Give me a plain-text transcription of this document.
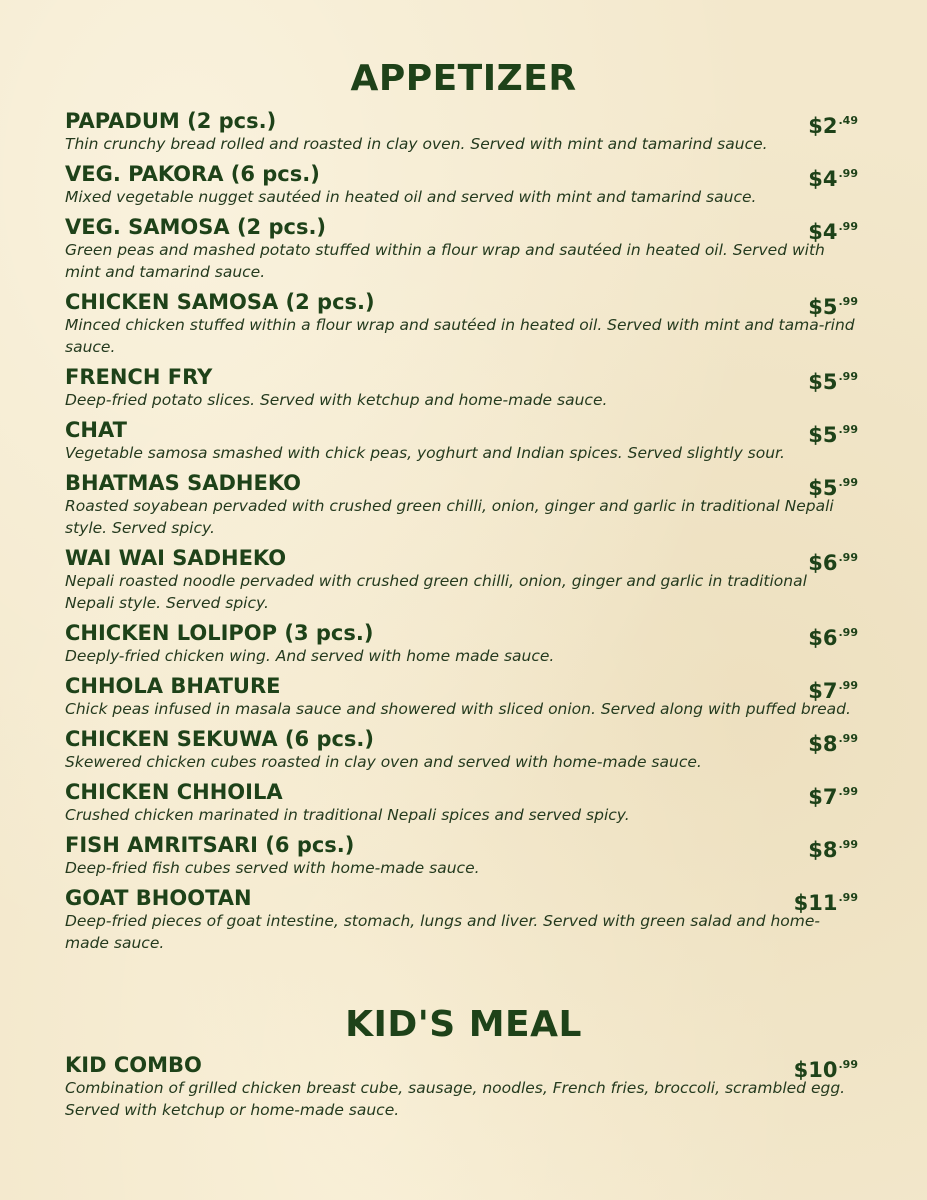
APPETIZER
PAPADUM (2 pcs.)	$\$2^{.49}$
Thin crunchy bread rolled and roasted in clay oven. Served with mint and tamarind sauce.
VEG. PAKORA (6 pcs.)	$\$4^{.99}$
Mixed vegetable nugget sautéed in heated oil and served with mint and tamarind sauce.
VEG. SAMOSA (2 pcs.)	$\$4^{.99}$
Green peas and mashed potato stuffed within a flour wrap and sautéed in heated oil. Served with mint and tamarind sauce.
CHICKEN SAMOSA (2 pcs.)	$\$5^{.99}$
Minced chicken stuffed within a flour wrap and sautéed in heated oil. Served with mint and tama-rind sauce.
FRENCH FRY	$\$5^{.99}$
Deep-fried potato slices. Served with ketchup and home-made sauce.
CHAT	$\$5^{.99}$
Vegetable samosa smashed with chick peas, yoghurt and Indian spices. Served slightly sour.
BHATMAS SADHEKO	$\$5^{.99}$
Roasted soyabean pervaded with crushed green chilli, onion, ginger and garlic in traditional Nepali style. Served spicy.
WAI WAI SADHEKO	$\$6^{.99}$
Nepali roasted noodle pervaded with crushed green chilli, onion, ginger and garlic in traditional Nepali style. Served spicy.
CHICKEN LOLIPOP (3 pcs.)	$\$6^{.99}$
Deeply-fried chicken wing. And served with home made sauce.
CHHOLA BHATURE	$\$7^{.99}$
Chick peas infused in masala sauce and showered with sliced onion. Served along with puffed bread.
CHICKEN SEKUWA (6 pcs.)	$\$8^{.99}$
Skewered chicken cubes roasted in clay oven and served with home-made sauce.
CHICKEN CHHOILA	$\$7^{.99}$
Crushed chicken marinated in traditional Nepali spices and served spicy.
FISH AMRITSARI (6 pcs.)	$\$8^{.99}$
Deep-fried fish cubes served with home-made sauce.
GOAT BHOOTAN	$\$11^{.99}$
Deep-fried pieces of goat intestine, stomach, lungs and liver. Served with green salad and home-made sauce.
KID'S MEAL
KID COMBO	$\$10^{.99}$
Combination of grilled chicken breast cube, sausage, noodles, French fries, broccoli, scrambled egg. Served with ketchup or home-made sauce.
